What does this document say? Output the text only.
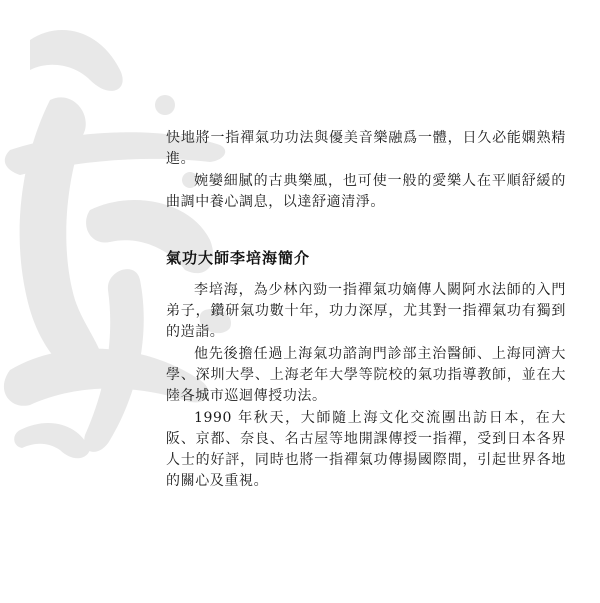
快地將一指禪氣功功法與優美音樂融爲一體，日久必能嫻熟精進。

婉孌細膩的古典樂風，也可使一般的愛樂人在平順舒緩的曲調中養心調息，以達舒適清淨。

氣功大師李培海簡介

李培海，為少林內勁一指禪氣功嫡傳人闕阿水法師的入門弟子，鑽研氣功數十年，功力深厚，尤其對一指禪氣功有獨到的造詣。

他先後擔任過上海氣功諮詢門診部主治醫師、上海同濟大學、深圳大學、上海老年大學等院校的氣功指導教師，並在大陸各城市巡迴傳授功法。

1990 年秋天，大師隨上海文化交流團出訪日本，在大阪、京都、奈良、名古屋等地開課傳授一指禪，受到日本各界人士的好評，同時也將一指禪氣功傳揚國際間，引起世界各地的關心及重視。
